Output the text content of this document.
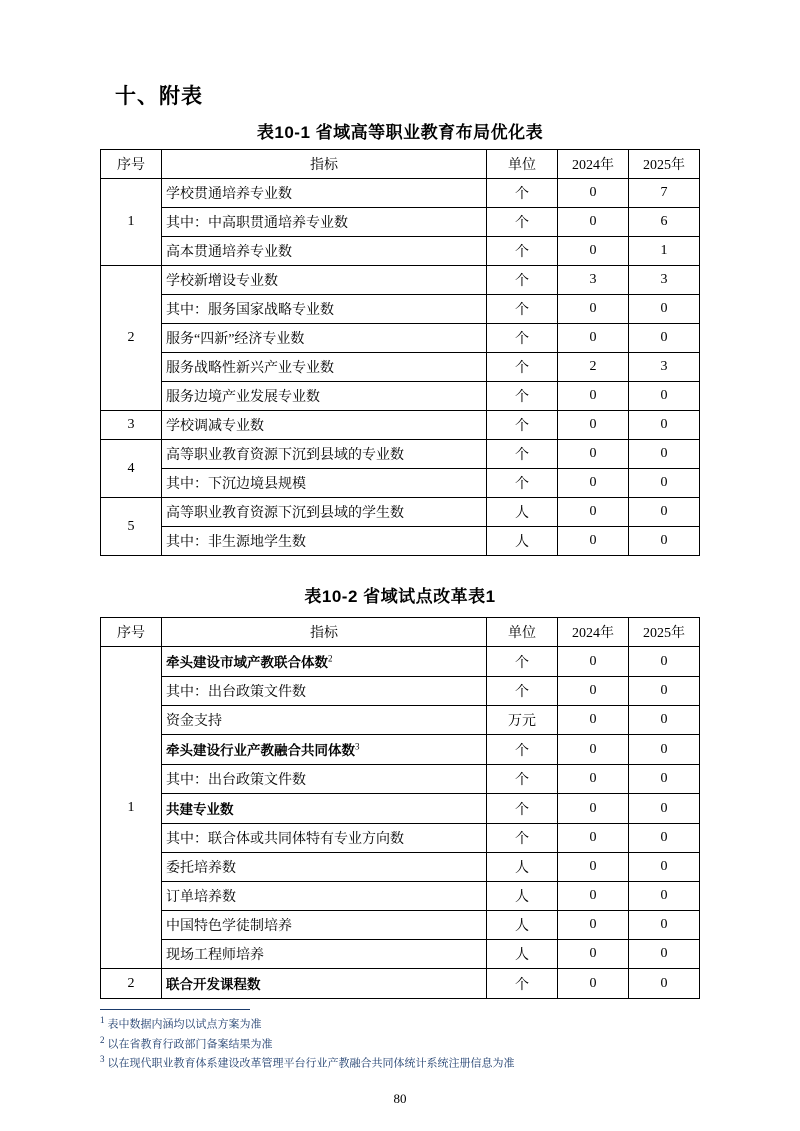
十、附表
表10-1 省域高等职业教育布局优化表
序号	指标	单位	2024年	2025年
1	学校贯通培养专业数	个	0	7
	其中：中高职贯通培养专业数	个	0	6
	高本贯通培养专业数	个	0	1
2	学校新增设专业数	个	3	3
	其中：服务国家战略专业数	个	0	0
	服务“四新”经济专业数	个	0	0
	服务战略性新兴产业专业数	个	2	3
	服务边境产业发展专业数	个	0	0
3	学校调减专业数	个	0	0
4	高等职业教育资源下沉到县域的专业数	个	0	0
	其中：下沉边境县规模	个	0	0
5	高等职业教育资源下沉到县域的学生数	人	0	0
	其中：非生源地学生数	人	0	0
表10-2 省域试点改革表1
序号	指标	单位	2024年	2025年
1	牵头建设市域产教联合体数$^2$	个	0	0
	其中：出台政策文件数	个	0	0
	资金支持	万元	0	0
	牵头建设行业产教融合共同体数$^3$	个	0	0
	其中：出台政策文件数	个	0	0
	共建专业数	个	0	0
	其中：联合体或共同体特有专业方向数	个	0	0
	委托培养数	人	0	0
	订单培养数	人	0	0
	中国特色学徒制培养	人	0	0
	现场工程师培养	人	0	0
2	联合开发课程数	个	0	0
$^1$ 表中数据内涵均以试点方案为准
$^2$ 以在省教育行政部门备案结果为准
$^3$ 以在现代职业教育体系建设改革管理平台行业产教融合共同体统计系统注册信息为准
80
